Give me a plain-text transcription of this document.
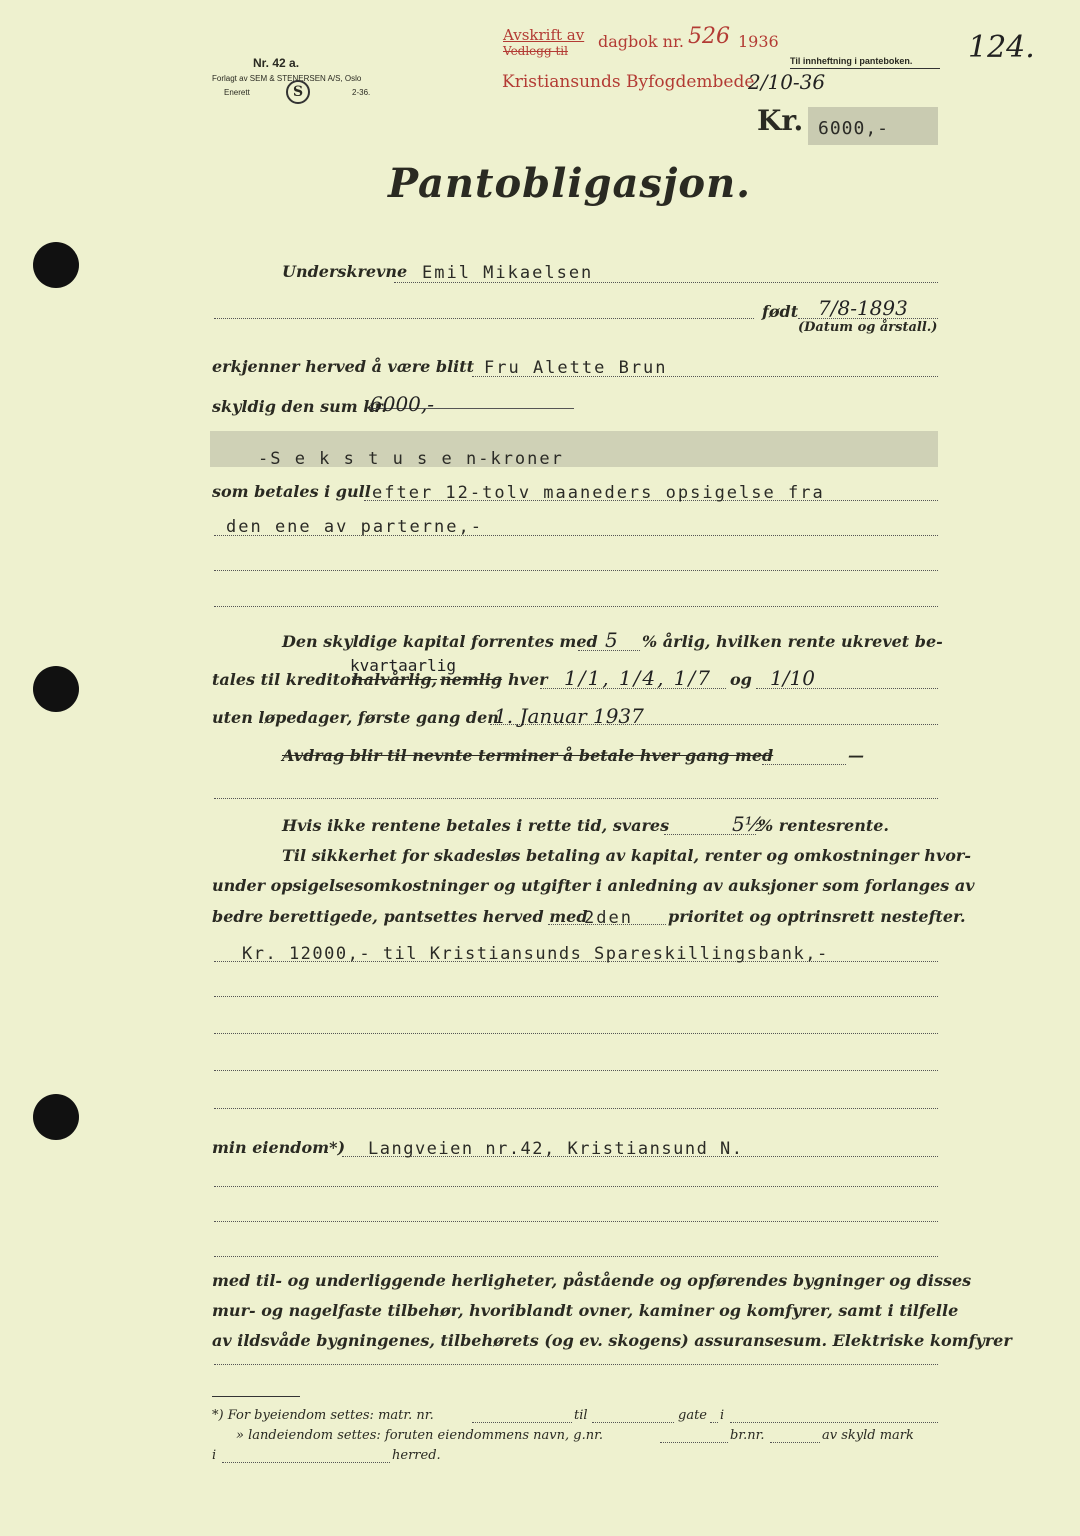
Nr. 42 a.
Forlagt av SEM & STENERSEN A/S, Oslo
Enerett	S	2-36.
Avskrift av
Vedlegg til dagbok nr. 526 1936
Til innheftning i panteboken.
Kristiansunds Byfogdembede
2/10-36
124.
Kr. 6000,-
Pantobligasjon.
Underskrevne Emil Mikaelsen
født 7/8-1893
(Datum og årstall.)
erkjenner herved å være blitt Fru Alette Brun
skyldig den sum kr.
6000,-
-S e k s t u s e n-kroner
som betales i gull efter 12-tolv maaneders opsigelse fra
den ene av parterne,-
Den skyldige kapital forrentes med 5 % årlig, hvilken rente ukrevet be-
tales til kreditor
kvartaarlig
halvårlig, nemlig hver 1/1, 1/4, 1/7 og 1/10
uten løpedager, første gang den
1. Januar 1937
Avdrag blir til nevnte terminer å betale hver gang med	—
Hvis ikke rentene betales i rette tid, svares	5½
% rentesrente.
Til sikkerhet for skadesløs betaling av kapital, renter og omkostninger hvor-
under opsigelsesomkostninger og utgifter i anledning av auksjoner som forlanges av
bedre berettigede, pantsettes herved med
2den prioritet og optrinsrett nestefter.
Kr. 12000,- til Kristiansunds Spareskillingsbank,-
min eiendom*) Langveien nr.42, Kristiansund N.
med til- og underliggende herligheter, påstående og opførendes bygninger og disses
mur- og nagelfaste tilbehør, hvoriblandt ovner, kaminer og komfyrer, samt i tilfelle
av ildsvåde bygningenes, tilbehørets (og ev. skogens) assuransesum. Elektriske komfyrer
*) For byeiendom settes: matr. nr.	til	gate i
» landeiendom settes: foruten eiendommens navn, g.nr.	br.nr.	av skyld mark
i	herred.
